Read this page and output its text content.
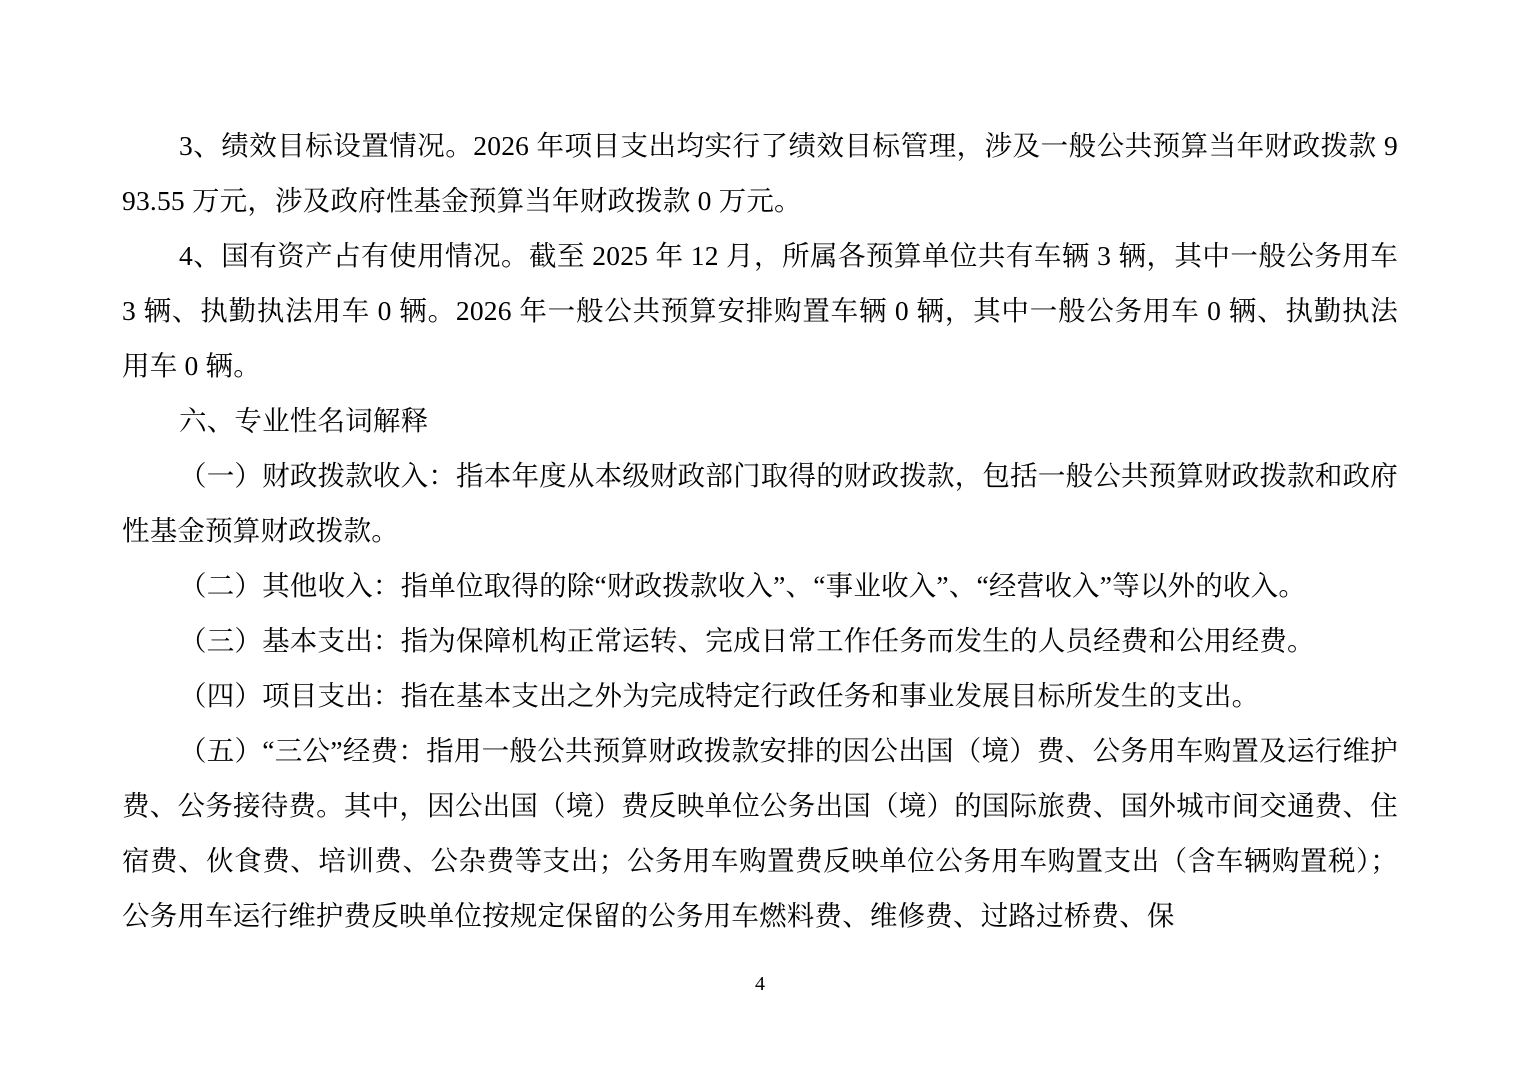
3、绩效目标设置情况。2026 年项目支出均实行了绩效目标管理，涉及一般公共预算当年财政拨款 993.55 万元，涉及政府性基金预算当年财政拨款 0 万元。

4、国有资产占有使用情况。截至 2025 年 12 月，所属各预算单位共有车辆 3 辆，其中一般公务用车 3 辆、执勤执法用车 0 辆。2026 年一般公共预算安排购置车辆 0 辆，其中一般公务用车 0 辆、执勤执法用车 0 辆。

六、专业性名词解释

（一）财政拨款收入：指本年度从本级财政部门取得的财政拨款，包括一般公共预算财政拨款和政府性基金预算财政拨款。

（二）其他收入：指单位取得的除“财政拨款收入”、“事业收入”、“经营收入”等以外的收入。

（三）基本支出：指为保障机构正常运转、完成日常工作任务而发生的人员经费和公用经费。

（四）项目支出：指在基本支出之外为完成特定行政任务和事业发展目标所发生的支出。

（五）“三公”经费：指用一般公共预算财政拨款安排的因公出国（境）费、公务用车购置及运行维护费、公务接待费。其中，因公出国（境）费反映单位公务出国（境）的国际旅费、国外城市间交通费、住宿费、伙食费、培训费、公杂费等支出；公务用车购置费反映单位公务用车购置支出（含车辆购置税）；公务用车运行维护费反映单位按规定保留的公务用车燃料费、维修费、过路过桥费、保

4
